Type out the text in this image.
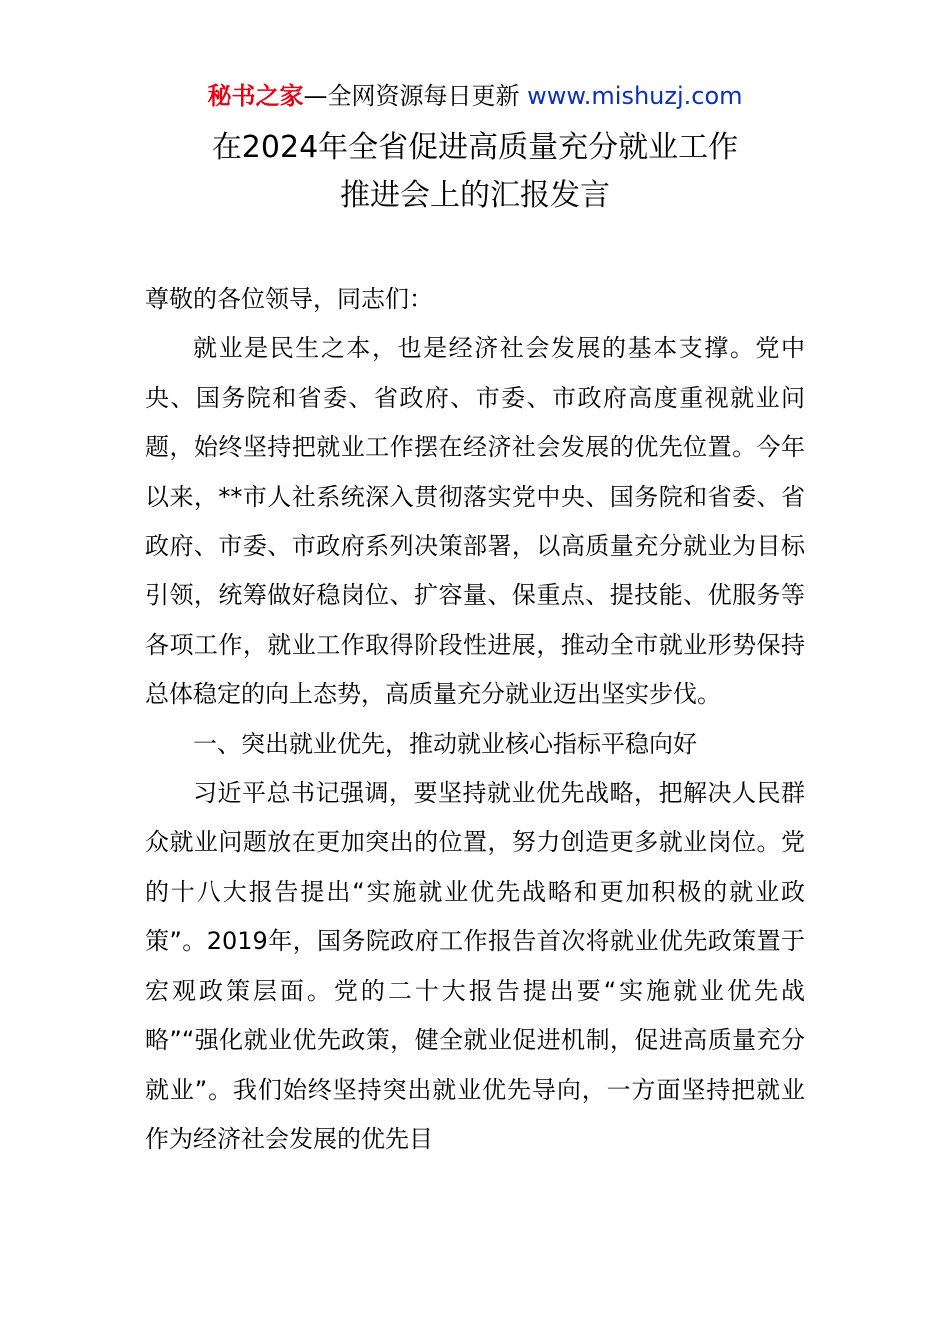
秘书之家—全网资源每日更新 www.mishuzj.com
在2024年全省促进高质量充分就业工作
推进会上的汇报发言

尊敬的各位领导，同志们：

就业是民生之本，也是经济社会发展的基本支撑。党中央、国务院和省委、省政府、市委、市政府高度重视就业问题，始终坚持把就业工作摆在经济社会发展的优先位置。今年以来，**市人社系统深入贯彻落实党中央、国务院和省委、省政府、市委、市政府系列决策部署，以高质量充分就业为目标引领，统筹做好稳岗位、扩容量、保重点、提技能、优服务等各项工作，就业工作取得阶段性进展，推动全市就业形势保持总体稳定的向上态势，高质量充分就业迈出坚实步伐。

一、突出就业优先，推动就业核心指标平稳向好

习近平总书记强调，要坚持就业优先战略，把解决人民群众就业问题放在更加突出的位置，努力创造更多就业岗位。党的十八大报告提出“实施就业优先战略和更加积极的就业政策”。2019年，国务院政府工作报告首次将就业优先政策置于宏观政策层面。党的二十大报告提出要“实施就业优先战略”“强化就业优先政策，健全就业促进机制，促进高质量充分就业”。我们始终坚持突出就业优先导向，一方面坚持把就业作为经济社会发展的优先目
